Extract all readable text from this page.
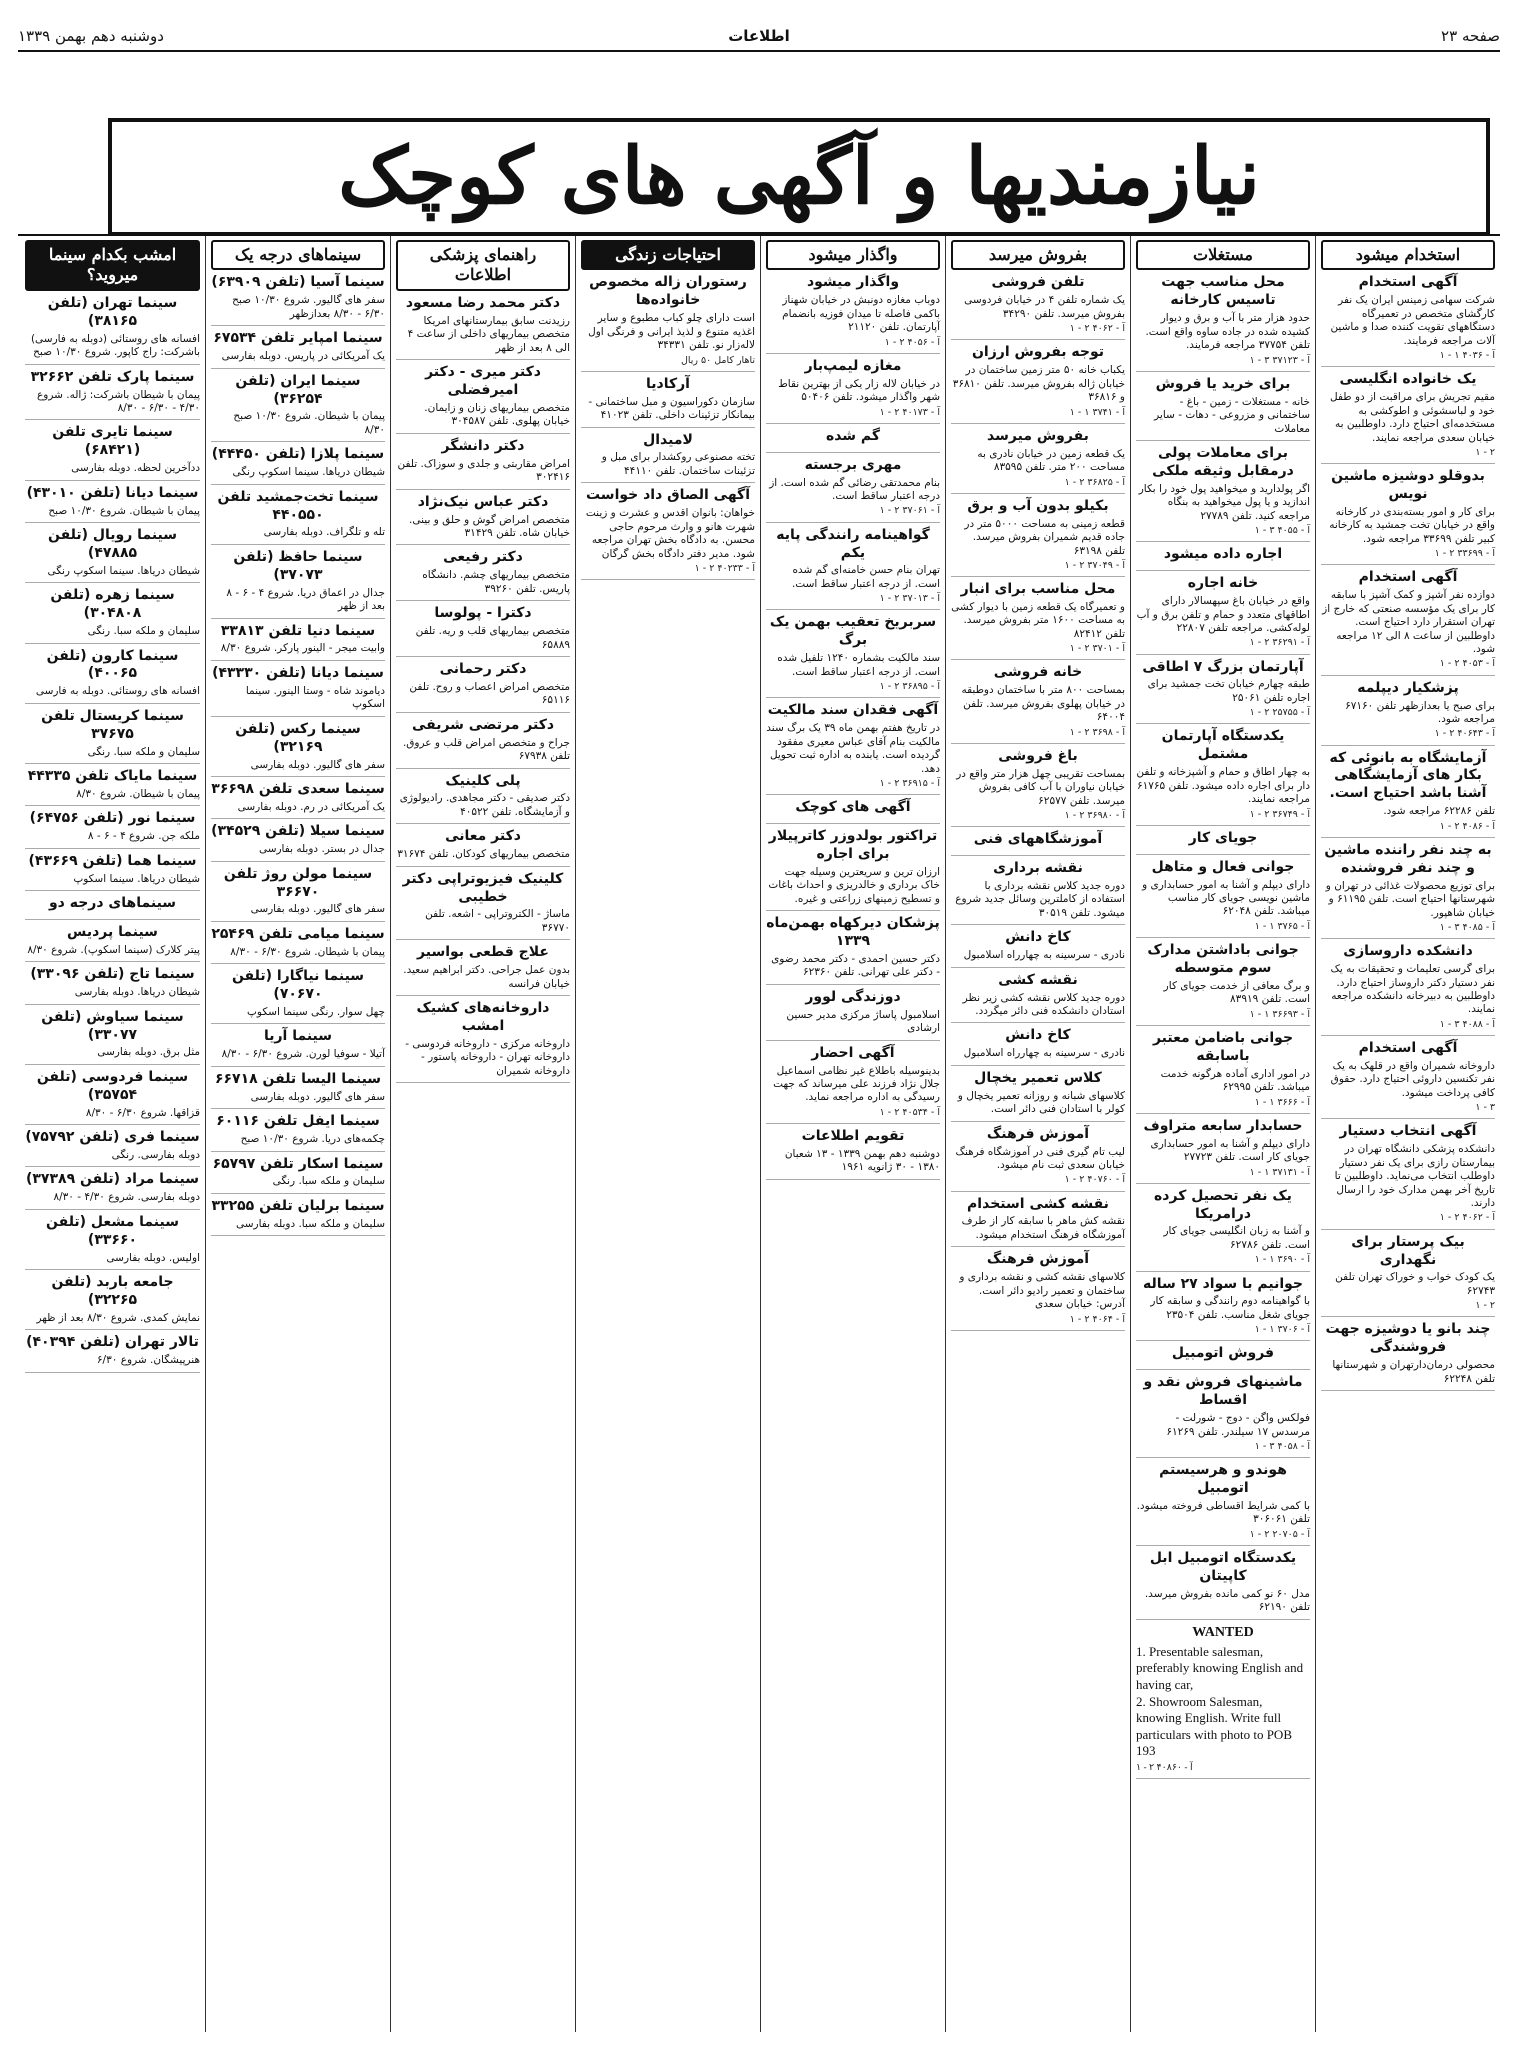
صفحه ۲۳
اطلاعات
دوشنبه دهم بهمن ۱۳۳۹
نیازمندیها و آگهی های کوچک
استخدام میشود
آگهی استخدام
شرکت سهامی زمینس ایران یک نفر کارگشای متخصص در تعمیرگاه دستگاههای تقویت کننده صدا و ماشین آلات مراجعه فرمایند.
آ - ۴۰۳۶ ۱ - ۱
یک خانواده انگلیسی
مقیم تجریش برای مراقبت از دو طفل خود و لباسشوئی و اطوکشی به مستخدمه‌ای احتیاج دارد. داوطلبین به خیابان سعدی مراجعه نمایند.
۲ - ۱
بدوقلو دوشیزه ماشین نویس
برای کار و امور بسته‌بندی در کارخانه واقع در خیابان تخت جمشید به کارخانه کبیر تلفن ۳۳۶۹۹ مراجعه شود.
آ - ۳۳۶۹۹ ۲ - ۱
آگهی استخدام
دوازده نفر آشپز و کمک آشپز با سابقه کار برای یک مؤسسه صنعتی که خارج از تهران استقرار دارد احتیاج است. داوطلبین از ساعت ۸ الی ۱۲ مراجعه شود.
آ - ۴۰۵۳ ۲ - ۱
پزشکیار دیپلمه
برای صبح یا بعدازظهر تلفن ۶۷۱۶۰ مراجعه شود.
آ - ۴۰۶۴۳ ۲ - ۱
آزمایشگاه به بانوئی که بکار های آزمایشگاهی آشنا باشد احتیاج است.
تلفن ۶۲۲۸۶ مراجعه شود.
آ - ۴۰۸۶ ۲ - ۱
به چند نفر راننده ماشین و چند نفر فروشنده
برای توزیع محصولات غذائی در تهران و شهرستانها احتیاج است. تلفن ۶۱۱۹۵ و خیابان شاهپور.
آ - ۴۰۸۵ ۳ - ۱
دانشکده داروسازی
برای گرسی تعلیمات و تحقیقات به یک نفر دستیار دکتر داروساز احتیاج دارد. داوطلبین به دبیرخانه دانشکده مراجعه نمایند.
آ - ۴۰۸۸ ۳ - ۱
آگهی استخدام
داروخانه شمیران واقع در قلهک به یک نفر تکنسین داروئی احتیاج دارد. حقوق کافی پرداخت میشود.
۳ - ۱
آگهی انتخاب دستیار
دانشکده پزشکی دانشگاه تهران در بیمارستان رازی برای یک نفر دستیار داوطلب انتخاب می‌نماید. داوطلبین تا تاریخ آخر بهمن مدارک خود را ارسال دارند.
آ - ۴۰۶۲ ۲ - ۱
بیک پرستار برای نگهداری
یک کودک خواب و خوراک تهران تلفن ۶۲۷۴۳
۲ - ۱
چند بانو یا دوشیزه جهت فروشندگی
محصولی درمان‌دارتهران و شهرستانها تلفن ۶۲۲۴۸
مستغلات
محل مناسب جهت تاسیس کارخانه
حدود هزار متر با آب و برق و دیوار کشیده شده در جاده ساوه واقع است. تلفن ۳۷۷۵۴ مراجعه فرمایند.
آ - ۳۷۱۲۳ ۳ - ۱
برای خرید یا فروش
خانه - مستغلات - زمین - باغ - ساختمانی و مزروعی - دهات - سایر معاملات
برای معاملات پولی درمقابل وثیقه ملکی
اگر پولدارید و میخواهید پول خود را بکار اندازید و یا پول میخواهید به بنگاه مراجعه کنید. تلفن ۲۷۷۸۹
آ - ۴۰۵۵ ۳ - ۱
اجاره داده میشود
خانه اجاره
واقع در خیابان باغ سپهسالار دارای اطاقهای متعدد و حمام و تلفن برق و آب لوله‌کشی. مراجعه تلفن ۲۲۸۰۷
آ - ۳۶۲۹۱ ۲ - ۱
آپارتمان بزرگ ۷ اطاقی
طبقه چهارم خیابان تخت جمشید برای اجاره تلفن ۲۵۰۶۱
آ - ۲۵۷۵۵ ۲ - ۱
یکدستگاه آپارتمان مشتمل
به چهار اطاق و حمام و آشپزخانه و تلفن دار برای اجاره داده میشود. تلفن ۶۱۷۶۵ مراجعه نمایند.
آ - ۳۶۷۴۹ ۲ - ۱
جویای کار
جوانی فعال و متاهل
دارای دیپلم و آشنا به امور حسابداری و ماشین نویسی جویای کار مناسب میباشد. تلفن ۶۲۰۴۸
آ - ۳۷۶۵ ۱ - ۱
جوانی باداشتن مدارک سوم متوسطه
و برگ معافی از خدمت جویای کار است. تلفن ۸۳۹۱۹
آ - ۳۶۶۹۳ ۱ - ۱
جوانی باضامن معتبر باسابقه
در امور اداری آماده هرگونه خدمت میباشد. تلفن ۶۲۹۹۵
آ - ۳۶۶۶ ۱ - ۱
حسابدار سابعه متراوف
دارای دیپلم و آشنا به امور حسابداری جویای کار است. تلفن ۲۷۷۲۳
آ - ۳۷۱۳۱ ۱ - ۱
یک نفر تحصیل کرده درامریکا
و آشنا به زبان انگلیسی جویای کار است. تلفن ۶۲۷۸۶
آ - ۳۶۹۰ ۱ - ۱
جوانیم با سواد ۲۷ ساله
با گواهینامه دوم رانندگی و سابقه کار جویای شغل مناسب. تلفن ۲۳۵۰۴
آ - ۳۷۰۶ ۱ - ۱
فروش اتومبیل
ماشینهای فروش نقد و اقساط
فولکس واگن - دوج - شورلت - مرسدس ۱۷ سیلندر. تلفن ۶۱۲۶۹
آ - ۴۰۵۸ ۳ - ۱
هوندو و هرسیستم اتومبیل
با کمی شرایط اقساطی فروخته میشود. تلفن ۳۰۶۰۶۱
آ - ۲۰۷۰۵ ۲ - ۱
یکدستگاه اتومبیل ابل کاپیتان
مدل ۶۰ نو کمی مانده بفروش میرسد. تلفن ۶۲۱۹۰
WANTED
1. Presentable salesman, preferably knowing English and having car,
2. Showroom Salesman, knowing English. Write full particulars with photo to POB 193
آ - ۴۰۸۶۰ ۲ - ۱
بفروش میرسد
تلفن فروشی
یک شماره تلفن ۴ در خیابان فردوسی بفروش میرسد. تلفن ۳۴۲۹۰
آ - ۴۰۶۲ ۲ - ۱
توجه بفروش ارزان
یکباب خانه ۵۰ متر زمین ساختمان در خیابان ژاله بفروش میرسد. تلفن ۳۶۸۱۰ و ۳۶۸۱۶
آ - ۳۷۴۱ ۱ - ۱
بفروش میرسد
یک قطعه زمین در خیابان نادری به مساحت ۲۰۰ متر. تلفن ۸۳۵۹۵
آ - ۳۶۸۲۵ ۲ - ۱
بکیلو بدون آب و برق
قطعه زمینی به مساحت ۵۰۰۰ متر در جاده قدیم شمیران بفروش میرسد. تلفن ۶۳۱۹۸
آ - ۳۷۰۴۹ ۲ - ۱
محل مناسب برای انبار
و تعمیرگاه یک قطعه زمین با دیوار کشی به مساحت ۱۶۰۰ متر بفروش میرسد. تلفن ۸۲۴۱۲
آ - ۳۷۰۱ ۲ - ۱
خانه فروشی
بمساحت ۸۰۰ متر با ساختمان دوطبقه در خیابان پهلوی بفروش میرسد. تلفن ۶۴۰۰۴
آ - ۳۶۹۸ ۲ - ۱
باغ فروشی
بمساحت تقریبی چهل هزار متر واقع در خیابان نیاوران با آب کافی بفروش میرسد. تلفن ۶۲۵۷۷
آ - ۳۶۹۸۰ ۲ - ۱
آموزشگاههای فنی
نقشه برداری
دوره جدید کلاس نقشه برداری با استفاده از کاملترین وسائل جدید شروع میشود. تلفن ۳۰۵۱۹
کاخ دانش
نادری - سرسینه به چهارراه اسلامبول
نقشه کشی
دوره جدید کلاس نقشه کشی زیر نظر استادان دانشکده فنی دائر میگردد.
کاخ دانش
نادری - سرسینه به چهارراه اسلامبول
کلاس تعمیر یخچال
کلاسهای شبانه و روزانه تعمیر یخچال و کولر با استادان فنی دائر است.
آموزش فرهنگ
لیب تام گیری فنی در آموزشگاه فرهنگ خیابان سعدی ثبت نام میشود.
آ - ۴۰۷۶۰ ۲ - ۱
نقشه کشی استخدام
نقشه کش ماهر با سابقه کار از طرف آموزشگاه فرهنگ استخدام میشود.
آموزش فرهنگ
کلاسهای نقشه کشی و نقشه برداری و ساختمان و تعمیر رادیو دائر است. آدرس: خیابان سعدی
آ - ۴۰۶۴ ۲ - ۱
واگذار میشود
واگذار میشود
دوباب مغازه دونبش در خیابان شهناز باکمی فاصله تا میدان فوزیه بانضمام آپارتمان. تلفن ۲۱۱۲۰
آ - ۴۰۵۶ ۲ - ۱
مغازه لیمپ‌بار
در خیابان لاله زار یکی از بهترین نقاط شهر واگذار میشود. تلفن ۵۰۴۰۶
آ - ۴۰۱۷۳ ۲ - ۱
گم شده
مهری برجسته
بنام محمدتقی رضائی گم شده است. از درجه اعتبار ساقط است.
آ - ۳۷۰۶۱ ۲ - ۱
گواهینامه رانندگی پایه یکم
تهران بنام حسن خامنه‌ای گم شده است. از درجه اعتبار ساقط است.
آ - ۳۷۰۱۳ ۲ - ۱
سربریخ تعقیب بهمن یک برگ
سند مالکیت بشماره ۱۲۴۰ تلفیل شده است. از درجه اعتبار ساقط است.
آ - ۳۶۸۹۵ ۲ - ۱
آگهی فقدان سند مالکیت
در تاریخ هفتم بهمن ماه ۳۹ یک برگ سند مالکیت بنام آقای عباس معیری مفقود گردیده است. یابنده به اداره ثبت تحویل دهد.
آ - ۳۶۹۱۵ ۲ - ۱
آگهی های کوچک
تراکتور بولدوزر کاترپیلار برای اجاره
ارزان ترین و سریعترین وسیله جهت خاک برداری و خالدریزی و احداث باغات و تسطیح زمینهای زراعتی و غیره.
پزشکان دیرکهاه بهمن‌ماه ۱۳۳۹
دکتر حسین احمدی - دکتر محمد رضوی - دکتر علی تهرانی. تلفن ۶۲۳۶۰
دوزندگی لوور
اسلامبول پاساژ مرکزی مدیر حسین ارشادی
آگهی احضار
بدینوسیله باطلاع غیر نظامی اسماعیل جلال نژاد فرزند علی میرساند که جهت رسیدگی به اداره مراجعه نماید.
آ - ۴۰۵۳۴ ۲ - ۱
تقویم اطلاعات
دوشنبه دهم بهمن ۱۳۳۹ - ۱۳ شعبان ۱۳۸۰ - ۳۰ ژانویه ۱۹۶۱
احتیاجات زندگی
رستوران زاله مخصوص خانواده‌ها
است دارای چلو کباب مطبوع و سایر اغذیه متنوع و لذیذ ایرانی و فرنگی اول لاله‌زار نو. تلفن ۳۴۳۳۱
تاهار کامل ۵۰ ریال
آرکادیا
سازمان دکوراسیون و مبل ساختمانی - بیمانکار تزئینات داخلی. تلفن ۴۱۰۲۳
لامیدال
تخته مصنوعی روکشدار برای مبل و تزئینات ساختمان. تلفن ۴۴۱۱۰
آگهی الصاق داد خواست
خواهان: بانوان اقدس و عشرت و زینت شهرت هانو و وارث مرحوم حاجی محسن. به دادگاه بخش تهران مراجعه شود. مدیر دفتر دادگاه بخش گرگان
آ - ۴۰۲۳۳ ۲ - ۱
راهنمای پزشکی اطلاعات
دکتر محمد رضا مسعود
رزیدنت سابق بیمارستانهای امریکا متخصص بیماریهای داخلی از ساعت ۴ الی ۸ بعد از ظهر
دکتر میری - دکتر امیرفضلی
متخصص بیماریهای زنان و زایمان. خیابان پهلوی. تلفن ۳۰۴۵۸۷
دکتر دانشگر
امراض مقاربتی و جلدی و سوزاک. تلفن ۳۰۲۴۱۶
دکتر عباس نیک‌نژاد
متخصص امراض گوش و حلق و بینی. خیابان شاه. تلفن ۳۱۴۲۹
دکتر رفیعی
متخصص بیماریهای چشم. دانشگاه پاریس. تلفن ۳۹۲۶۰
دکترا - پولوسا
متخصص بیماریهای قلب و ریه. تلفن ۶۵۸۸۹
دکتر رحمانی
متخصص امراض اعصاب و روح. تلفن ۶۵۱۱۶
دکتر مرتضی شریفی
جراح و متخصص امراض قلب و عروق. تلفن ۶۷۹۳۸
پلی کلینیک
دکتر صدیقی - دکتر مجاهدی. رادیولوژی و آزمایشگاه. تلفن ۴۰۵۲۲
دکتر معانی
متخصص بیماریهای کودکان. تلفن ۳۱۶۷۴
کلینیک فیزیوتراپی دکتر خطیبی
ماساژ - الکتروتراپی - اشعه. تلفن ۳۶۷۷۰
علاج قطعی بواسیر
بدون عمل جراحی. دکتر ابراهیم سعید. خیابان فرانسه
داروخانه‌های کشیک امشب
داروخانه مرکزی - داروخانه فردوسی - داروخانه تهران - داروخانه پاستور - داروخانه شمیران
سینماهای درجه یک
سینما آسیا (تلفن ۶۳۹۰۹)
سفر های گالیور. شروع ۱۰/۳۰ صبح ۶/۳۰ - ۸/۳۰ بعدازظهر
سینما امپایر تلفن ۶۷۵۳۴
یک آمریکائی در پاریس. دوبله بفارسی
سینما ایران (تلفن ۳۶۲۵۴)
پیمان با شیطان. شروع ۱۰/۳۰ صبح ۸/۳۰
سینما پلازا (تلفن ۴۴۴۵۰)
شیطان دریاها. سینما اسکوپ رنگی
سینما تخت‌جمشید تلفن ۴۴۰۵۵۰
تله و تلگراف. دوبله بفارسی
سینما حافظ (تلفن ۳۷۰۷۳)
جدال در اعماق دریا. شروع ۴ - ۶ - ۸ بعد از ظهر
سینما دنیا تلفن ۳۳۸۱۳
وابیت میجر - الینور پارکر. شروع ۸/۳۰
سینما دیانا (تلفن ۴۳۳۳۰)
دیاموند شاه - وستا الینور. سینما اسکوپ
سینما رکس (تلفن ۳۲۱۶۹)
سفر های گالیور. دوبله بفارسی
سینما سعدی تلفن ۳۶۶۹۸
یک آمریکائی در رم. دوبله بفارسی
سینما سیلا (تلفن ۳۴۵۲۹)
جدال در بستر. دوبله بفارسی
سینما مولن روژ تلفن ۳۶۶۷۰
سفر های گالیور. دوبله بفارسی
سینما میامی تلفن ۲۵۴۶۹
پیمان با شیطان. شروع ۶/۳۰ - ۸/۳۰
سینما نیاگارا (تلفن ۷۰۶۷۰)
چهل سوار. رنگی سینما اسکوپ
سینما آریا
آتیلا - سوفیا لورن. شروع ۶/۳۰ - ۸/۳۰
سینما الیسا تلفن ۶۶۷۱۸
سفر های گالیور. دوبله بفارسی
سینما ایفل تلفن ۶۰۱۱۶
چکمه‌های دریا. شروع ۱۰/۳۰ صبح
سینما اسکار تلفن ۶۵۷۹۷
سلیمان و ملکه سبا. رنگی
سینما برلیان تلفن ۳۳۲۵۵
سلیمان و ملکه سبا. دوبله بفارسی
امشب بکدام سینما میروید؟
سینما تهران (تلفن ۳۸۱۶۵)
افسانه های روستائی (دوبله به فارسی) باشرکت: راج کاپور. شروع ۱۰/۳۰ صبح
سینما پارک تلفن ۳۲۶۶۲
پیمان با شیطان باشرکت: ژاله. شروع ۴/۳۰ - ۶/۳۰ - ۸/۳۰
سینما تایری تلفن (۶۸۴۲۱)
ددآخرین لحظه. دوبله بفارسی
سینما دیانا (تلفن ۴۳۰۱۰)
پیمان با شیطان. شروع ۱۰/۳۰ صبح
سینما رویال (تلفن ۴۷۸۸۵)
شیطان دریاها. سینما اسکوپ رنگی
سینما زهره (تلفن ۳۰۴۸۰۸)
سلیمان و ملکه سبا. رنگی
سینما کارون (تلفن ۴۰۰۶۵)
افسانه های روستائی. دوبله به فارسی
سینما کریستال تلفن ۳۷۶۷۵
سلیمان و ملکه سبا. رنگی
سینما مایاک تلفن ۴۴۳۳۵
پیمان با شیطان. شروع ۸/۳۰
سینما نور (تلفن ۶۴۷۵۶)
ملکه جن. شروع ۴ - ۶ - ۸
سینما هما (تلفن ۴۳۶۶۹)
شیطان دریاها. سینما اسکوپ
سینماهای درجه دو
سینما پردیس
پیتر کلارک (سینما اسکوپ). شروع ۸/۳۰
سینما تاج (تلفن ۳۳۰۹۶)
شیطان دریاها. دوبله بفارسی
سینما سیاوش (تلفن ۳۳۰۷۷)
مثل برق. دوبله بفارسی
سینما فردوسی (تلفن ۳۵۷۵۴)
قزاقها. شروع ۶/۳۰ - ۸/۳۰
سینما فری (تلفن ۷۵۷۹۲)
دوبله بفارسی. رنگی
سینما مراد (تلفن ۳۷۳۸۹)
دوبله بفارسی. شروع ۴/۳۰ - ۸/۳۰
سینما مشعل (تلفن ۳۳۶۶۰)
اولیس. دوبله بفارسی
جامعه باربد (تلفن ۳۲۲۶۵)
نمایش کمدی. شروع ۸/۳۰ بعد از ظهر
تالار تهران (تلفن ۴۰۳۹۴)
هنرپیشگان. شروع ۶/۳۰
